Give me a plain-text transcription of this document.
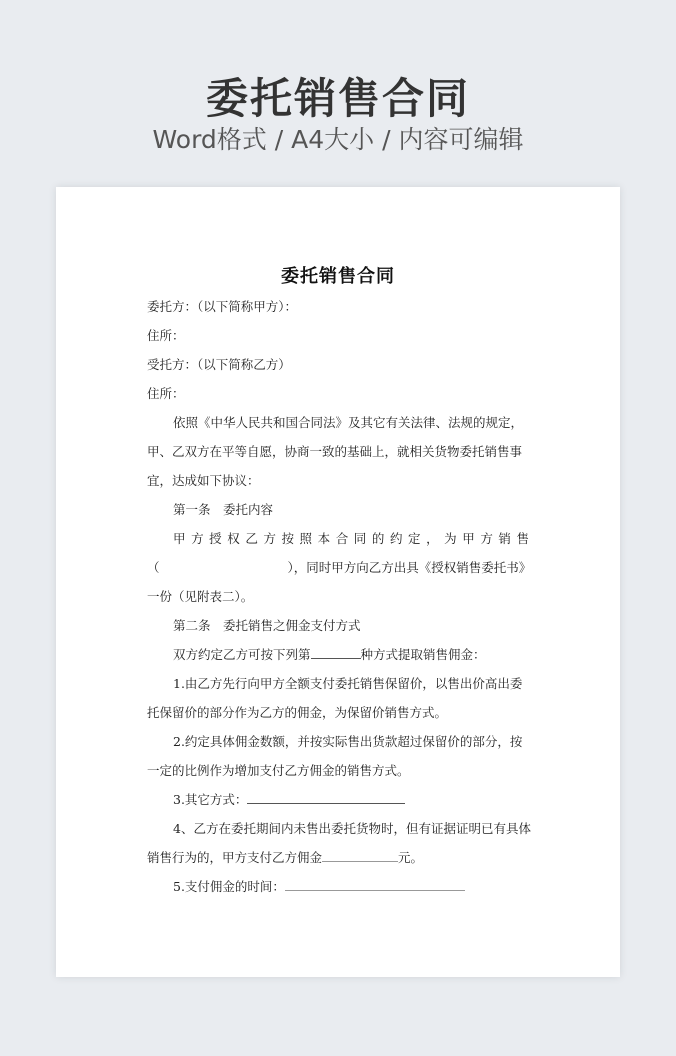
委托销售合同
Word格式 / A4大小 / 内容可编辑
委托销售合同
委托方：（以下简称甲方）：
住所：
受托方：（以下简称乙方）
住所：
依照《中华人民共和国合同法》及其它有关法律、法规的规定，
甲、乙双方在平等自愿，协商一致的基础上，就相关货物委托销售事
宜，达成如下协议：
第一条　委托内容
甲方授权乙方按照本合同的约定，为甲方销售
（	），同时甲方向乙方出具《授权销售委托书》
一份（见附表二）。
第二条　委托销售之佣金支付方式
双方约定乙方可按下列第	种方式提取销售佣金：
1.由乙方先行向甲方全额支付委托销售保留价，以售出价高出委
托保留价的部分作为乙方的佣金，为保留价销售方式。
2.约定具体佣金数额，并按实际售出货款超过保留价的部分，按
一定的比例作为增加支付乙方佣金的销售方式。
3.其它方式：
4、乙方在委托期间内未售出委托货物时，但有证据证明已有具体
销售行为的，甲方支付乙方佣金	元。
5.支付佣金的时间：
